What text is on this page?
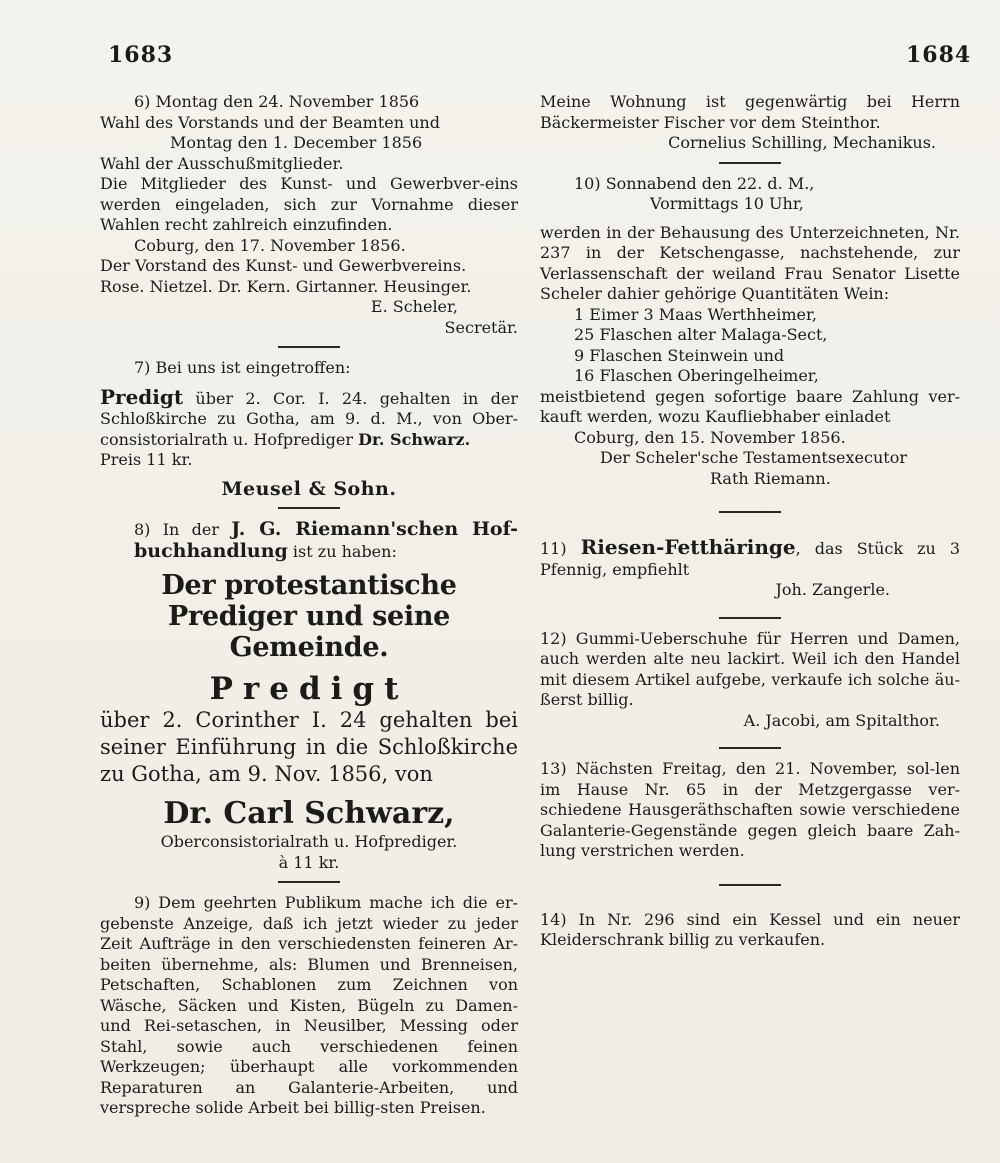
1683	1684

6) Montag den 24. November 1856

Wahl des Vorstands und der Beamten und

Montag den 1. December 1856

Wahl der Ausschußmitglieder.

Die Mitglieder des Kunst- und Gewerbver-eins werden eingeladen, sich zur Vornahme dieser Wahlen recht zahlreich einzufinden.

Coburg, den 17. November 1856.

Der Vorstand des Kunst- und Gewerbvereins.

Rose. Nietzel. Dr. Kern. Girtanner. Heusinger.

E. Scheler,

Secretär.

7) Bei uns ist eingetroffen:

Predigt über 2. Cor. I. 24. gehalten in der Schloßkirche zu Gotha, am 9. d. M., von Ober-consistorialrath u. Hofprediger Dr. Schwarz.

Preis 11 kr.

Meusel & Sohn.

8) In der J. G. Riemann'schen Hof-buchhandlung ist zu haben:

Der protestantische Prediger und seine Gemeinde.

Predigt

über 2. Corinther I. 24 gehalten bei seiner Einführung in die Schloßkirche zu Gotha, am 9. Nov. 1856, von

Dr. Carl Schwarz,

Oberconsistorialrath u. Hofprediger.

à 11 kr.

9) Dem geehrten Publikum mache ich die er-gebenste Anzeige, daß ich jetzt wieder zu jeder Zeit Aufträge in den verschiedensten feineren Ar-beiten übernehme, als: Blumen und Brenneisen, Petschaften, Schablonen zum Zeichnen von Wäsche, Säcken und Kisten, Bügeln zu Damen- und Rei-setaschen, in Neusilber, Messing oder Stahl, sowie auch verschiedenen feinen Werkzeugen; überhaupt alle vorkommenden Reparaturen an Galanterie-Arbeiten, und verspreche solide Arbeit bei billig-sten Preisen.

Meine Wohnung ist gegenwärtig bei Herrn Bäckermeister Fischer vor dem Steinthor.

Cornelius Schilling, Mechanikus.

10) Sonnabend den 22. d. M.,

Vormittags 10 Uhr,

werden in der Behausung des Unterzeichneten, Nr. 237 in der Ketschengasse, nachstehende, zur Verlassenschaft der weiland Frau Senator Lisette Scheler dahier gehörige Quantitäten Wein:

1 Eimer 3 Maas Werthheimer,

25 Flaschen alter Malaga-Sect,

9 Flaschen Steinwein und

16 Flaschen Oberingelheimer,

meistbietend gegen sofortige baare Zahlung ver-kauft werden, wozu Kaufliebhaber einladet

Coburg, den 15. November 1856.

Der Scheler'sche Testamentsexecutor

Rath Riemann.

11) Riesen-Fetthäringe, das Stück zu 3 Pfennig, empfiehlt

Joh. Zangerle.

12) Gummi-Ueberschuhe für Herren und Damen, auch werden alte neu lackirt. Weil ich den Handel mit diesem Artikel aufgebe, verkaufe ich solche äu-ßerst billig.

A. Jacobi, am Spitalthor.

13) Nächsten Freitag, den 21. November, sol-len im Hause Nr. 65 in der Metzgergasse ver-schiedene Hausgeräthschaften sowie verschiedene Galanterie-Gegenstände gegen gleich baare Zah-lung verstrichen werden.

14) In Nr. 296 sind ein Kessel und ein neuer Kleiderschrank billig zu verkaufen.
